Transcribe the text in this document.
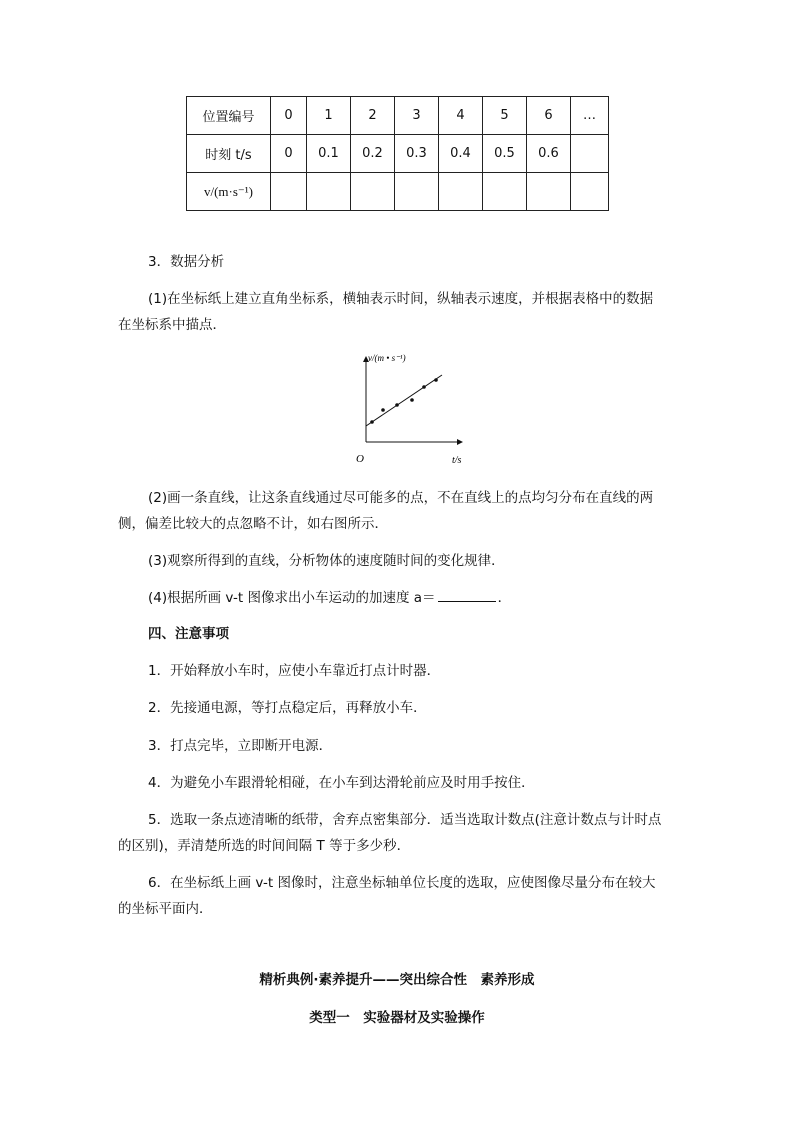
位置编号	0	1	2	3	4	5	6	…
时刻 t/s	0	0.1	0.2	0.3	0.4	0.5	0.6	
v/(m·s⁻¹)								
3．数据分析
(1)在坐标纸上建立直角坐标系，横轴表示时间，纵轴表示速度，并根据表格中的数据
在坐标系中描点．
v/(m • s⁻¹)
O	t/s
(2)画一条直线，让这条直线通过尽可能多的点，不在直线上的点均匀分布在直线的两
侧，偏差比较大的点忽略不计，如右图所示．
(3)观察所得到的直线，分析物体的速度随时间的变化规律．
(4)根据所画 v-t 图像求出小车运动的加速度 a＝	．
四、注意事项
1．开始释放小车时，应使小车靠近打点计时器．
2．先接通电源，等打点稳定后，再释放小车．
3．打点完毕，立即断开电源．
4．为避免小车跟滑轮相碰，在小车到达滑轮前应及时用手按住．
5．选取一条点迹清晰的纸带，舍弃点密集部分．适当选取计数点(注意计数点与计时点
的区别)，弄清楚所选的时间间隔 T 等于多少秒．
6．在坐标纸上画 v-t 图像时，注意坐标轴单位长度的选取，应使图像尽量分布在较大
的坐标平面内．
精析典例·素养提升——突出综合性　素养形成
类型一　实验器材及实验操作
